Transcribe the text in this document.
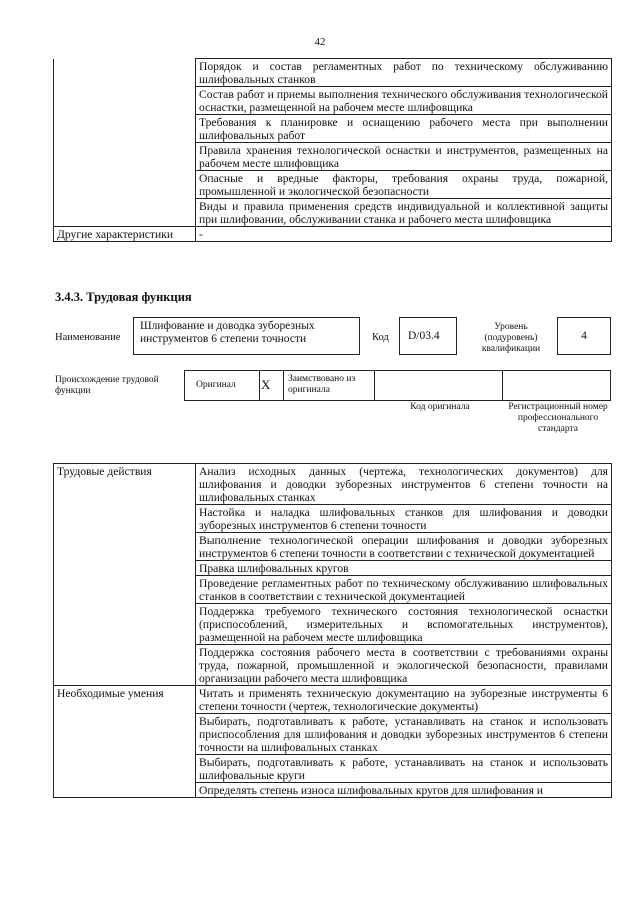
42
	Порядок и состав регламентных работ по техническому обслуживанию шлифовальных станков
	Состав работ и приемы выполнения технического обслуживания технологической оснастки, размещенной на рабочем месте шлифовщика
	Требования к планировке и оснащению рабочего места при выполнении шлифовальных работ
	Правила хранения технологической оснастки и инструментов, размещенных на рабочем месте шлифовщика
	Опасные и вредные факторы, требования охраны труда, пожарной, промышленной и экологической безопасности
	Виды и правила применения средств индивидуальной и коллективной защиты при шлифовании, обслуживании станка и рабочего места шлифовщика
Другие характеристики	-
3.4.3. Трудовая функция
Наименование
Шлифование и доводка зуборезных инструментов 6 степени точности	Код	D/03.4
Уровень (подуровень) квалификации
4
Происхождение трудовой функции
Оригинал X Заимствовано из оригинала
Код оригинала	Регистрационный номер профессионального стандарта
Трудовые действия	Анализ исходных данных (чертежа, технологических документов) для шлифования и доводки зуборезных инструментов 6 степени точности на шлифовальных станках
	Настойка и наладка шлифовальных станков для шлифования и доводки зуборезных инструментов 6 степени точности
	Выполнение технологической операции шлифования и доводки зуборезных инструментов 6 степени точности в соответствии с технической документацией
	Правка шлифовальных кругов
	Проведение регламентных работ по техническому обслуживанию шлифовальных станков в соответствии с технической документацией
	Поддержка требуемого технического состояния технологической оснастки (приспособлений, измерительных и вспомогательных инструментов), размещенной на рабочем месте шлифовщика
	Поддержка состояния рабочего места в соответствии с требованиями охраны труда, пожарной, промышленной и экологической безопасности, правилами организации рабочего места шлифовщика
Необходимые умения	Читать и применять техническую документацию на зуборезные инструменты 6 степени точности (чертеж, технологические документы)
	Выбирать, подготавливать к работе, устанавливать на станок и использовать приспособления для шлифования и доводки зуборезных инструментов 6 степени точности на шлифовальных станках
	Выбирать, подготавливать к работе, устанавливать на станок и использовать шлифовальные круги
	Определять степень износа шлифовальных кругов для шлифования и
